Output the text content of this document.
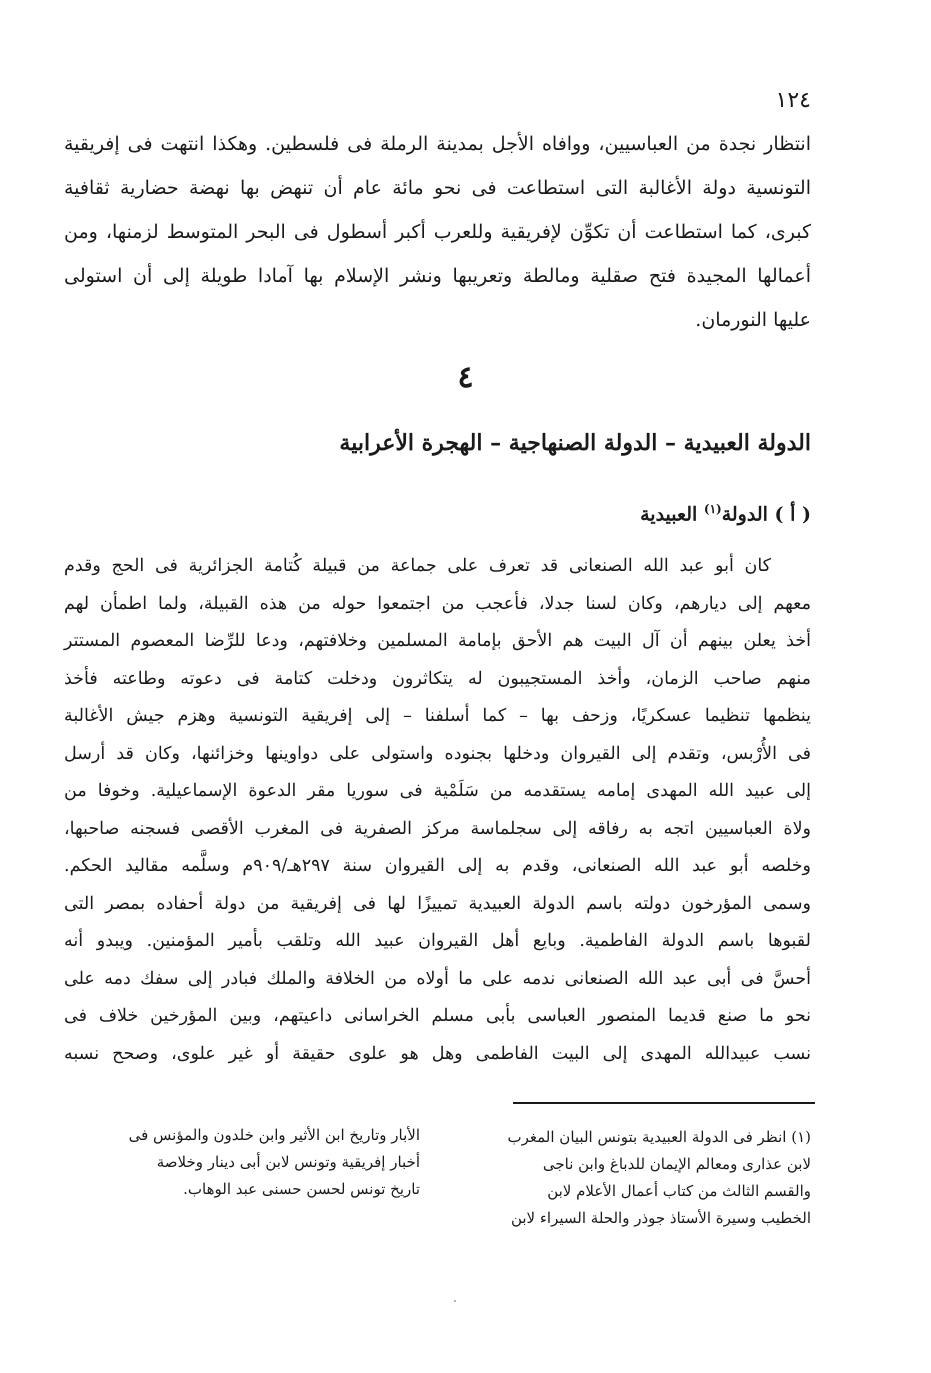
١٢٤
انتظار نجدة من العباسيين، ووافاه الأجل بمدينة الرملة فى فلسطين. وهكذا انتهت فى إفريقية
التونسية دولة الأغالبة التى استطاعت فى نحو مائة عام أن تنهض بها نهضة حضارية ثقافية
كبرى، كما استطاعت أن تكوِّن لإفريقية وللعرب أكبر أسطول فى البحر المتوسط لزمنها، ومن
أعمالها المجيدة فتح صقلية ومالطة وتعريبها ونشر الإسلام بها آمادا طويلة إلى أن استولى
عليها النورمان.
٤
الدولة العبيدية – الدولة الصنهاجية – الهجرة الأعرابية
( أ ) الدولة$^{(١)}$ العبيدية
كان أبو عبد الله الصنعانى قد تعرف على جماعة من قبيلة كُتامة الجزائرية فى الحج وقدم
معهم إلى ديارهم، وكان لسنا جدلا، فأعجب من اجتمعوا حوله من هذه القبيلة، ولما اطمأن لهم
أخذ يعلن بينهم أن آل البيت هم الأحق بإمامة المسلمين وخلافتهم، ودعا للرِّضا المعصوم المستتر
منهم صاحب الزمان، وأخذ المستجيبون له يتكاثرون ودخلت كتامة فى دعوته وطاعته فأخذ
ينظمها تنظيما عسكريًا، وزحف بها – كما أسلفنا – إلى إفريقية التونسية وهزم جيش الأغالبة
فى الأُرْبس، وتقدم إلى القيروان ودخلها بجنوده واستولى على دواوينها وخزائنها، وكان قد أرسل
إلى عبيد الله المهدى إمامه يستقدمه من سَلَمْية فى سوريا مقر الدعوة الإسماعيلية. وخوفا من
ولاة العباسيين اتجه به رفاقه إلى سجلماسة مركز الصفرية فى المغرب الأقصى فسجنه صاحبها،
وخلصه أبو عبد الله الصنعانى، وقدم به إلى القيروان سنة ٢٩٧هـ/٩٠٩م وسلَّمه مقاليد الحكم.
وسمى المؤرخون دولته باسم الدولة العبيدية تمييزًا لها فى إفريقية من دولة أحفاده بمصر التى
لقبوها باسم الدولة الفاطمية. وبايع أهل القيروان عبيد الله وتلقب بأمير المؤمنين. ويبدو أنه
أحسَّ فى أبى عبد الله الصنعانى ندمه على ما أولاه من الخلافة والملك فبادر إلى سفك دمه على
نحو ما صنع قديما المنصور العباسى بأبى مسلم الخراسانى داعيتهم، وبين المؤرخين خلاف فى
نسب عبيدالله المهدى إلى البيت الفاطمى وهل هو علوى حقيقة أو غير علوى، وصحح نسبه
(١) انظر فى الدولة العبيدية بتونس البيان المغرب
لابن عذارى ومعالم الإيمان للدباغ وابن ناجى
والقسم الثالث من كتاب أعمال الأعلام لابن
الخطيب وسيرة الأستاذ جوذر والحلة السيراء لابن
الأبار وتاريخ ابن الأثير وابن خلدون والمؤنس فى
أخبار إفريقية وتونس لابن أبى دينار وخلاصة
تاريخ تونس لحسن حسنى عبد الوهاب.
